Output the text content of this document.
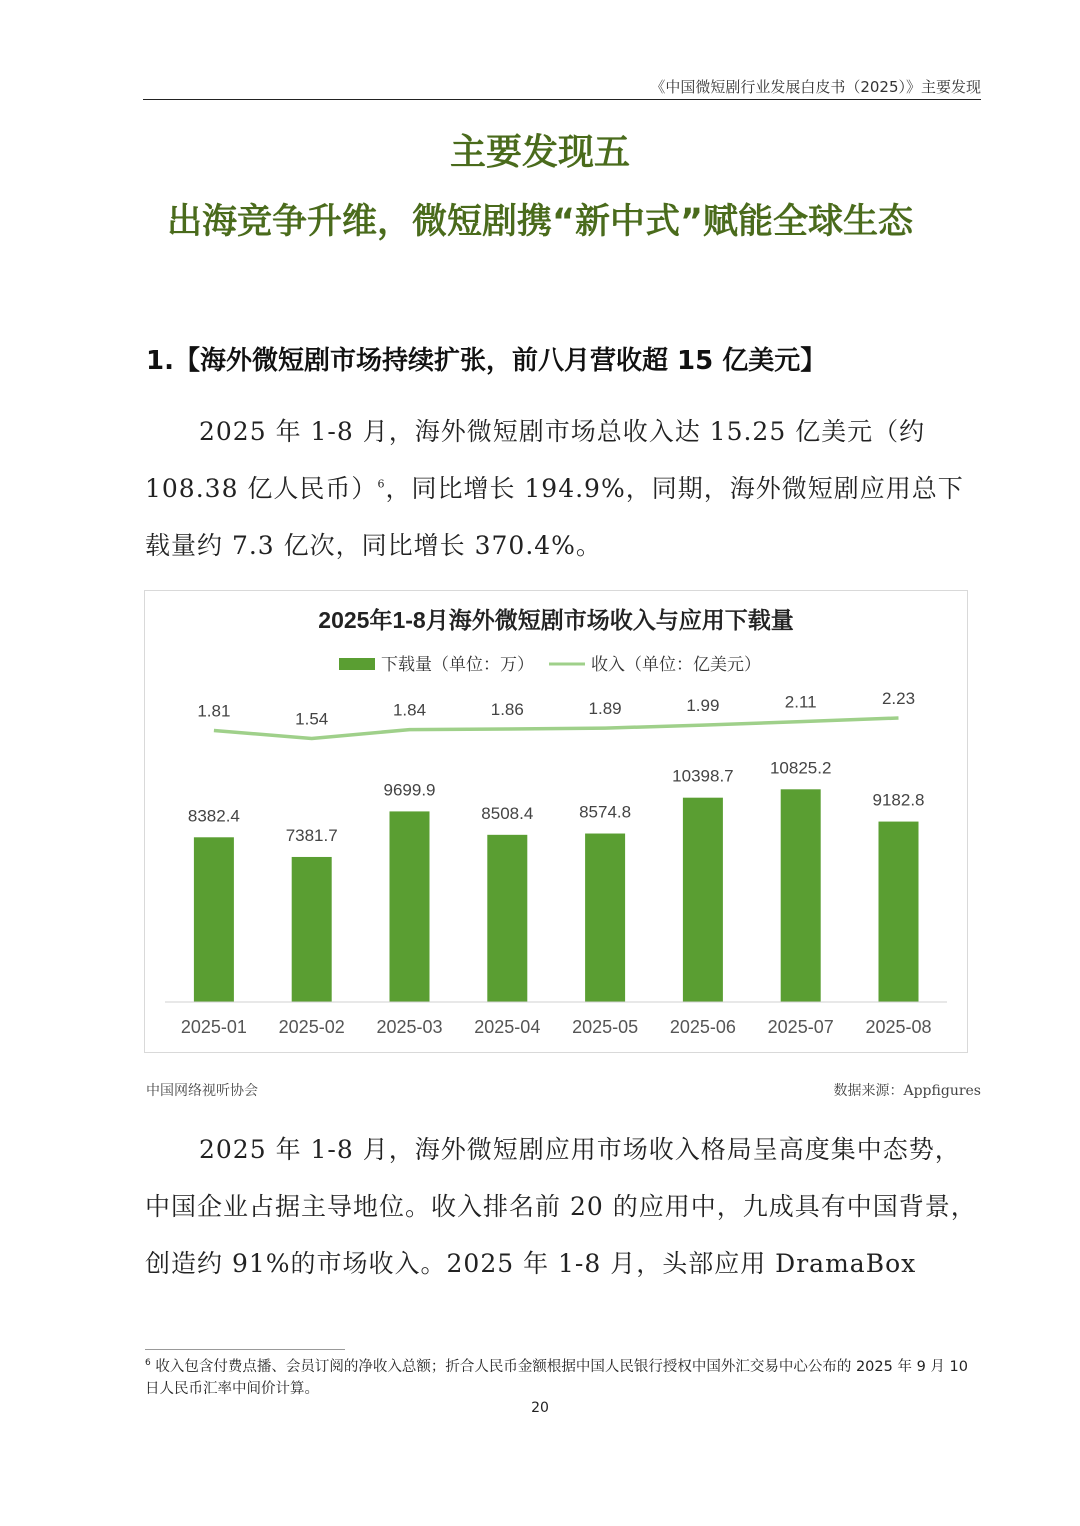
《中国微短剧行业发展白皮书（2025）》主要发现
主要发现五
出海竞争升维，微短剧携“新中式”赋能全球生态
1.【海外微短剧市场持续扩张，前八月营收超 15 亿美元】
2025 年 1-8 月，海外微短剧市场总收入达 15.25 亿美元（约 108.38 亿人民币）$^6$，同比增长 194.9%，同期，海外微短剧应用总下载量约 7.3 亿次，同比增长 370.4%。
2025年1-8月海外微短剧市场收入与应用下载量
下载量（单位：万）	收入（单位：亿美元）
1.81	1.54	1.84	1.86	1.89	1.99	2.11	2.23
8382.4
7381.7
9699.9
8508.4	8574.8
10398.7 10825.2
9182.8
2025-01 2025-02 2025-03 2025-04 2025-05 2025-06 2025-07 2025-08
中国网络视听协会	数据来源：Appfigures
2025 年 1-8 月，海外微短剧应用市场收入格局呈高度集中态势，中国企业占据主导地位。收入排名前 20 的应用中，九成具有中国背景，创造约 91%的市场收入。2025 年 1-8 月，头部应用 DramaBox
$^6$ 收入包含付费点播、会员订阅的净收入总额；折合人民币金额根据中国人民银行授权中国外汇交易中心公布的 2025 年 9 月 10 日人民币汇率中间价计算。
20
